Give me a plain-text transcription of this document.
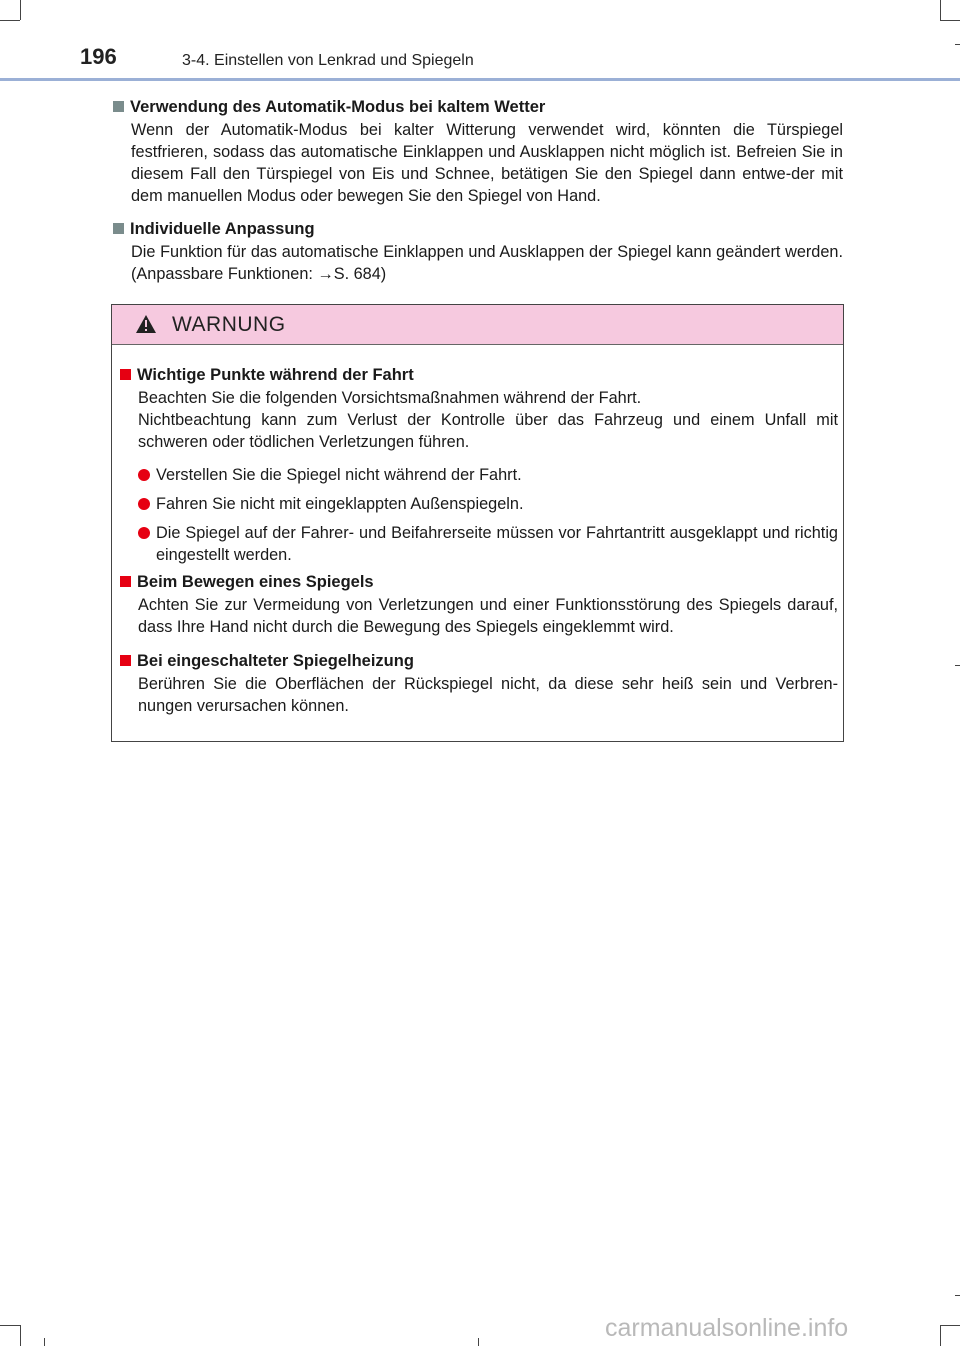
196	3-4. Einstellen von Lenkrad und Spiegeln
Verwendung des Automatik-Modus bei kaltem Wetter
Wenn der Automatik-Modus bei kalter Witterung verwendet wird, könnten die Türspiegel festfrieren, sodass das automatische Einklappen und Ausklappen nicht möglich ist. Befreien Sie in diesem Fall den Türspiegel von Eis und Schnee, betätigen Sie den Spiegel dann entwe-der mit dem manuellen Modus oder bewegen Sie den Spiegel von Hand.
Individuelle Anpassung
Die Funktion für das automatische Einklappen und Ausklappen der Spiegel kann geändert werden. (Anpassbare Funktionen: →S. 684)
WARNUNG
Wichtige Punkte während der Fahrt
Beachten Sie die folgenden Vorsichtsmaßnahmen während der Fahrt.
Nichtbeachtung kann zum Verlust der Kontrolle über das Fahrzeug und einem Unfall mit schweren oder tödlichen Verletzungen führen.
Verstellen Sie die Spiegel nicht während der Fahrt.
Fahren Sie nicht mit eingeklappten Außenspiegeln.
Die Spiegel auf der Fahrer- und Beifahrerseite müssen vor Fahrtantritt ausgeklappt und richtig eingestellt werden.
Beim Bewegen eines Spiegels
Achten Sie zur Vermeidung von Verletzungen und einer Funktionsstörung des Spiegels darauf, dass Ihre Hand nicht durch die Bewegung des Spiegels eingeklemmt wird.
Bei eingeschalteter Spiegelheizung
Berühren Sie die Oberflächen der Rückspiegel nicht, da diese sehr heiß sein und Verbren-nungen verursachen können.
carmanualsonline.info
